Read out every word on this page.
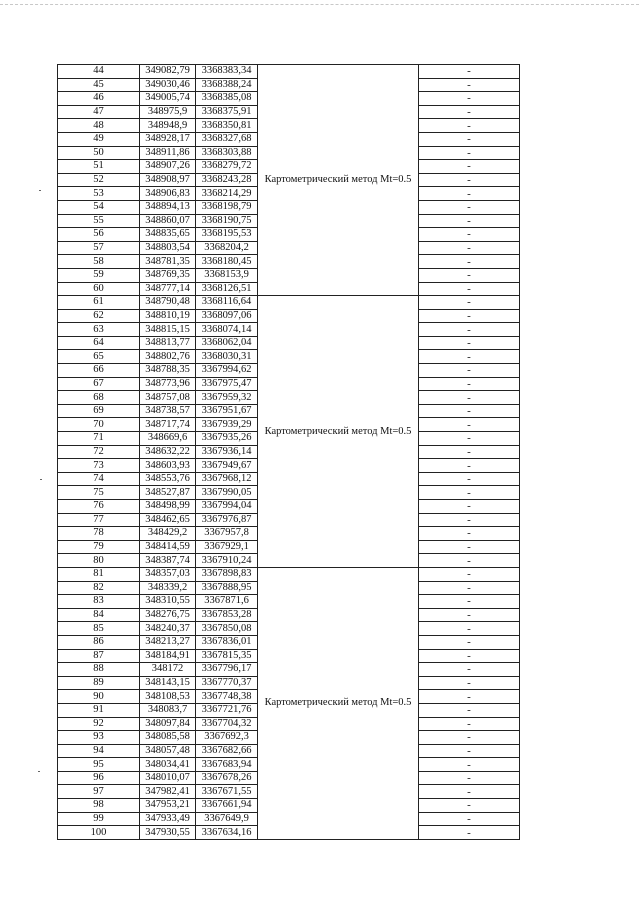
44	349082,79	3368383,34	Картометрический метод Mt=0.5	-
45	349030,46	3368388,24		-
46	349005,74	3368385,08		-
47	348975,9	3368375,91		-
48	348948,9	3368350,81		-
49	348928,17	3368327,68		-
50	348911,86	3368303,88		-
51	348907,26	3368279,72		-
52	348908,97	3368243,28		-
53	348906,83	3368214,29		-
54	348894,13	3368198,79		-
55	348860,07	3368190,75		-
56	348835,65	3368195,53		-
57	348803,54	3368204,2		-
58	348781,35	3368180,45		-
59	348769,35	3368153,9		-
60	348777,14	3368126,51		-
61	348790,48	3368116,64	Картометрический метод Mt=0.5	-
62	348810,19	3368097,06		-
63	348815,15	3368074,14		-
64	348813,77	3368062,04		-
65	348802,76	3368030,31		-
66	348788,35	3367994,62		-
67	348773,96	3367975,47		-
68	348757,08	3367959,32		-
69	348738,57	3367951,67		-
70	348717,74	3367939,29		-
71	348669,6	3367935,26		-
72	348632,22	3367936,14		-
73	348603,93	3367949,67		-
74	348553,76	3367968,12		-
75	348527,87	3367990,05		-
76	348498,99	3367994,04		-
77	348462,65	3367976,87		-
78	348429,2	3367957,8		-
79	348414,59	3367929,1		-
80	348387,74	3367910,24		-
81	348357,03	3367898,83	Картометрический метод Mt=0.5	-
82	348339,2	3367888,95		-
83	348310,55	3367871,6		-
84	348276,75	3367853,28		-
85	348240,37	3367850,08		-
86	348213,27	3367836,01		-
87	348184,91	3367815,35		-
88	348172	3367796,17		-
89	348143,15	3367770,37		-
90	348108,53	3367748,38		-
91	348083,7	3367721,76		-
92	348097,84	3367704,32		-
93	348085,58	3367692,3		-
94	348057,48	3367682,66		-
95	348034,41	3367683,94		-
96	348010,07	3367678,26		-
97	347982,41	3367671,55		-
98	347953,21	3367661,94		-
99	347933,49	3367649,9		-
100	347930,55	3367634,16		-
